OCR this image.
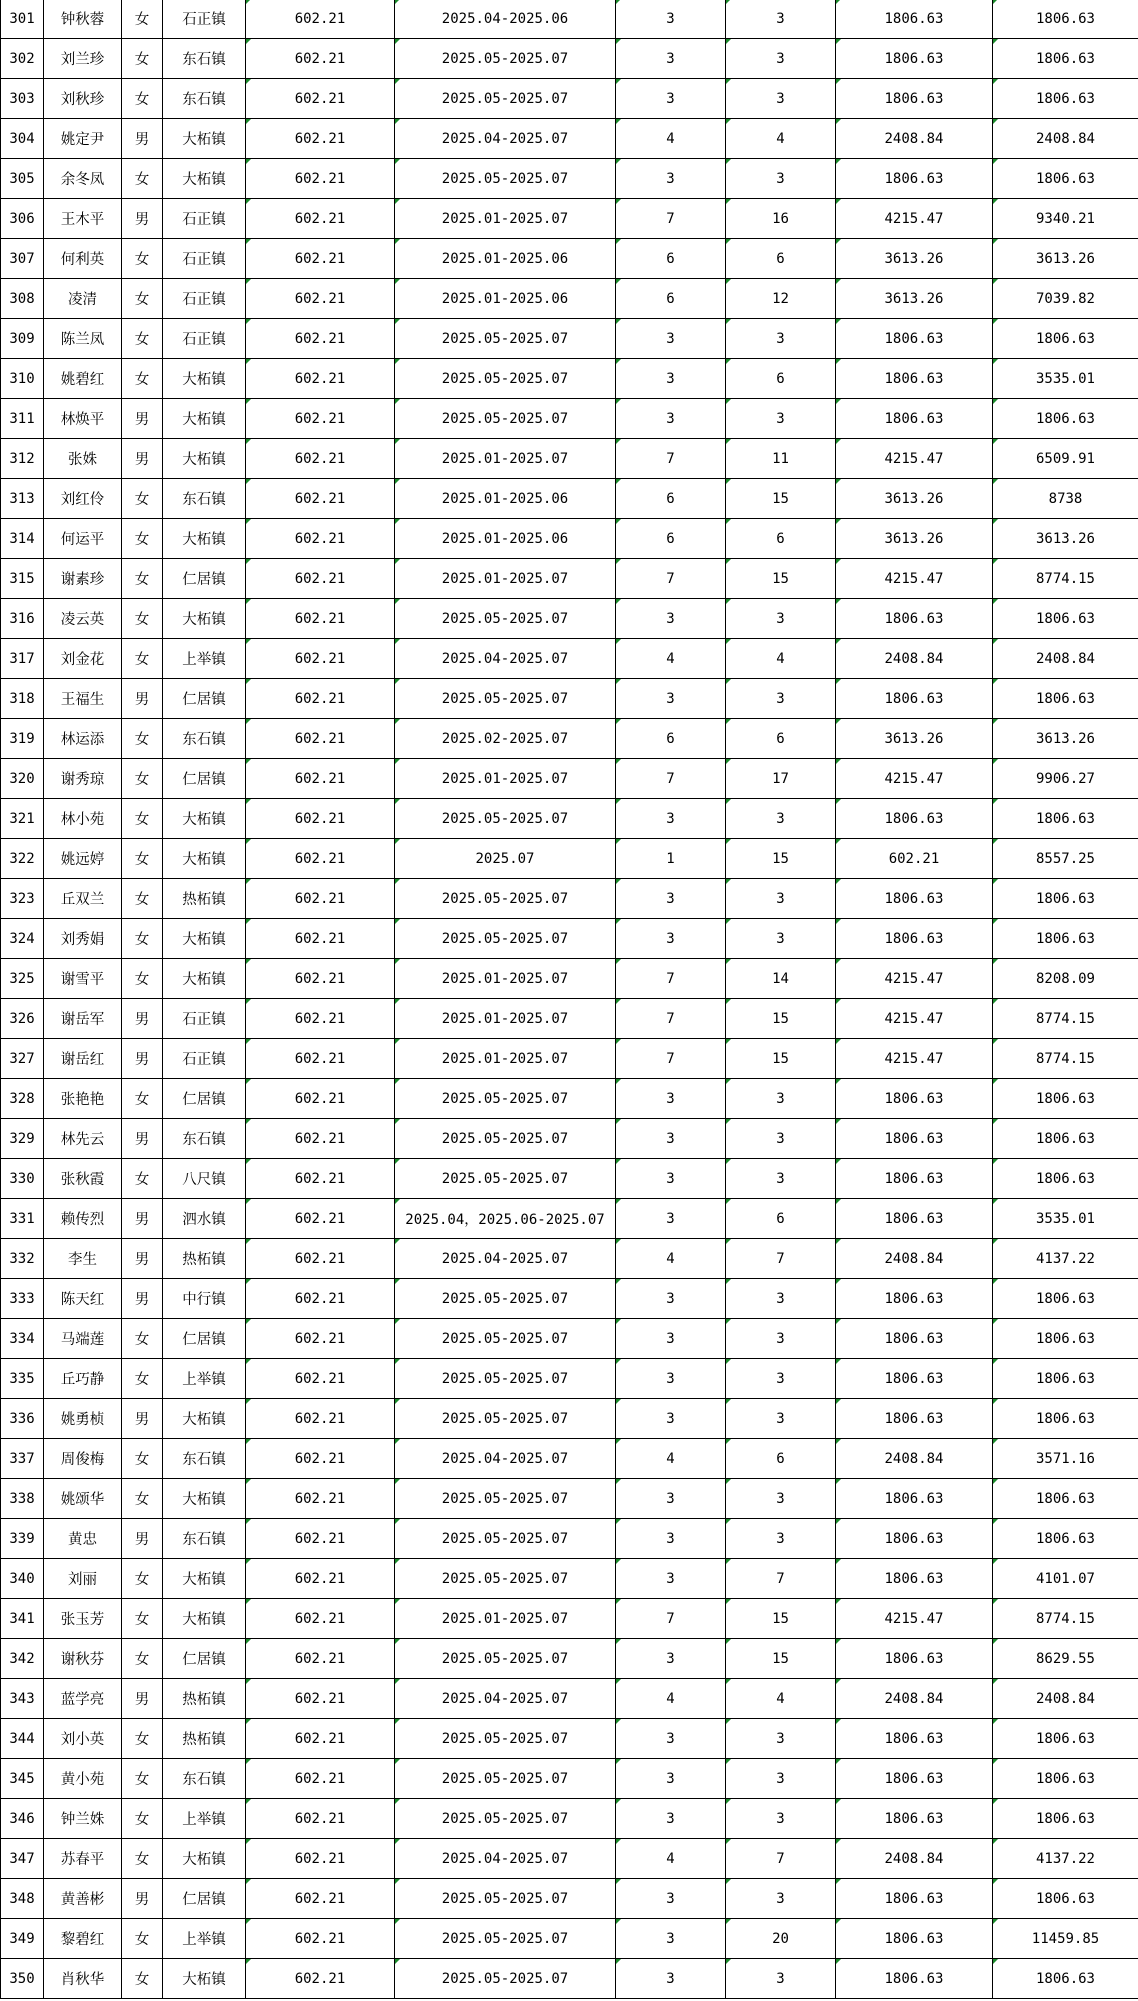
301	钟秋蓉	女	石正镇	602.21	2025.04-2025.06	3	3	1806.63	1806.63
302	刘兰珍	女	东石镇	602.21	2025.05-2025.07	3	3	1806.63	1806.63
303	刘秋珍	女	东石镇	602.21	2025.05-2025.07	3	3	1806.63	1806.63
304	姚定尹	男	大柘镇	602.21	2025.04-2025.07	4	4	2408.84	2408.84
305	余冬凤	女	大柘镇	602.21	2025.05-2025.07	3	3	1806.63	1806.63
306	王木平	男	石正镇	602.21	2025.01-2025.07	7	16	4215.47	9340.21
307	何利英	女	石正镇	602.21	2025.01-2025.06	6	6	3613.26	3613.26
308	凌清	女	石正镇	602.21	2025.01-2025.06	6	12	3613.26	7039.82
309	陈兰凤	女	石正镇	602.21	2025.05-2025.07	3	3	1806.63	1806.63
310	姚碧红	女	大柘镇	602.21	2025.05-2025.07	3	6	1806.63	3535.01
311	林焕平	男	大柘镇	602.21	2025.05-2025.07	3	3	1806.63	1806.63
312	张姝	男	大柘镇	602.21	2025.01-2025.07	7	11	4215.47	6509.91
313	刘红伶	女	东石镇	602.21	2025.01-2025.06	6	15	3613.26	8738
314	何运平	女	大柘镇	602.21	2025.01-2025.06	6	6	3613.26	3613.26
315	谢素珍	女	仁居镇	602.21	2025.01-2025.07	7	15	4215.47	8774.15
316	凌云英	女	大柘镇	602.21	2025.05-2025.07	3	3	1806.63	1806.63
317	刘金花	女	上举镇	602.21	2025.04-2025.07	4	4	2408.84	2408.84
318	王福生	男	仁居镇	602.21	2025.05-2025.07	3	3	1806.63	1806.63
319	林运添	女	东石镇	602.21	2025.02-2025.07	6	6	3613.26	3613.26
320	谢秀琼	女	仁居镇	602.21	2025.01-2025.07	7	17	4215.47	9906.27
321	林小苑	女	大柘镇	602.21	2025.05-2025.07	3	3	1806.63	1806.63
322	姚远婷	女	大柘镇	602.21	2025.07	1	15	602.21	8557.25
323	丘双兰	女	热柘镇	602.21	2025.05-2025.07	3	3	1806.63	1806.63
324	刘秀娟	女	大柘镇	602.21	2025.05-2025.07	3	3	1806.63	1806.63
325	谢雪平	女	大柘镇	602.21	2025.01-2025.07	7	14	4215.47	8208.09
326	谢岳军	男	石正镇	602.21	2025.01-2025.07	7	15	4215.47	8774.15
327	谢岳红	男	石正镇	602.21	2025.01-2025.07	7	15	4215.47	8774.15
328	张艳艳	女	仁居镇	602.21	2025.05-2025.07	3	3	1806.63	1806.63
329	林先云	男	东石镇	602.21	2025.05-2025.07	3	3	1806.63	1806.63
330	张秋霞	女	八尺镇	602.21	2025.05-2025.07	3	3	1806.63	1806.63
331	赖传烈	男	泗水镇	602.21	2025.04，2025.06-2025.07	3	6	1806.63	3535.01
332	李生	男	热柘镇	602.21	2025.04-2025.07	4	7	2408.84	4137.22
333	陈天红	男	中行镇	602.21	2025.05-2025.07	3	3	1806.63	1806.63
334	马端莲	女	仁居镇	602.21	2025.05-2025.07	3	3	1806.63	1806.63
335	丘巧静	女	上举镇	602.21	2025.05-2025.07	3	3	1806.63	1806.63
336	姚勇桢	男	大柘镇	602.21	2025.05-2025.07	3	3	1806.63	1806.63
337	周俊梅	女	东石镇	602.21	2025.04-2025.07	4	6	2408.84	3571.16
338	姚颂华	女	大柘镇	602.21	2025.05-2025.07	3	3	1806.63	1806.63
339	黄忠	男	东石镇	602.21	2025.05-2025.07	3	3	1806.63	1806.63
340	刘丽	女	大柘镇	602.21	2025.05-2025.07	3	7	1806.63	4101.07
341	张玉芳	女	大柘镇	602.21	2025.01-2025.07	7	15	4215.47	8774.15
342	谢秋芬	女	仁居镇	602.21	2025.05-2025.07	3	15	1806.63	8629.55
343	蓝学亮	男	热柘镇	602.21	2025.04-2025.07	4	4	2408.84	2408.84
344	刘小英	女	热柘镇	602.21	2025.05-2025.07	3	3	1806.63	1806.63
345	黄小苑	女	东石镇	602.21	2025.05-2025.07	3	3	1806.63	1806.63
346	钟兰姝	女	上举镇	602.21	2025.05-2025.07	3	3	1806.63	1806.63
347	苏春平	女	大柘镇	602.21	2025.04-2025.07	4	7	2408.84	4137.22
348	黄善彬	男	仁居镇	602.21	2025.05-2025.07	3	3	1806.63	1806.63
349	黎碧红	女	上举镇	602.21	2025.05-2025.07	3	20	1806.63	11459.85
350	肖秋华	女	大柘镇	602.21	2025.05-2025.07	3	3	1806.63	1806.63
